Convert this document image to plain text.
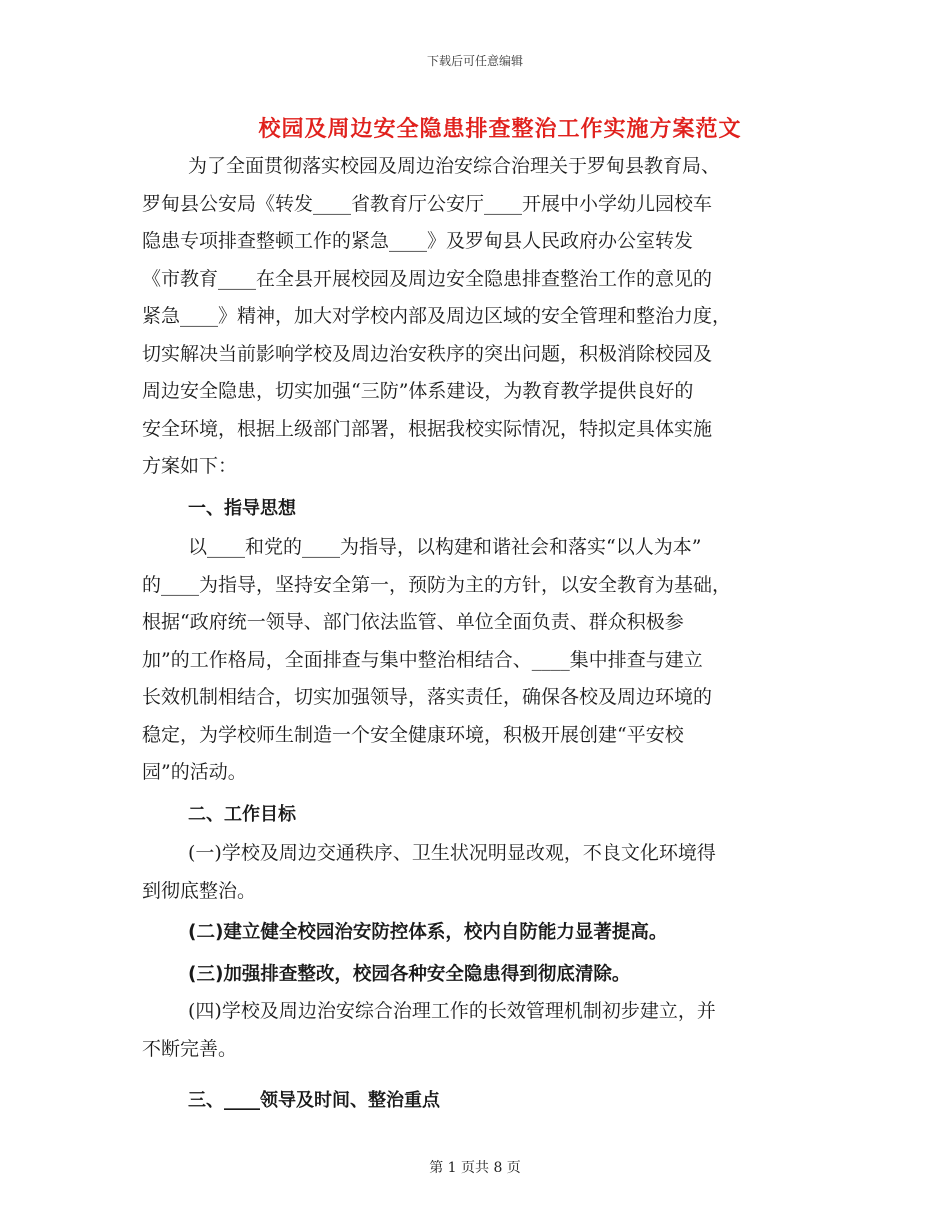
下载后可任意编辑
校园及周边安全隐患排查整治工作实施方案范文
为了全面贯彻落实校园及周边治安综合治理关于罗甸县教育局、
罗甸县公安局《转发____省教育厅公安厅____开展中小学幼儿园校车
隐患专项排查整顿工作的紧急____》及罗甸县人民政府办公室转发
《市教育____在全县开展校园及周边安全隐患排查整治工作的意见的
紧急____》精神，加大对学校内部及周边区域的安全管理和整治力度，
切实解决当前影响学校及周边治安秩序的突出问题，积极消除校园及
周边安全隐患，切实加强“三防”体系建设，为教育教学提供良好的
安全环境，根据上级部门部署，根据我校实际情况，特拟定具体实施
方案如下：
一、指导思想
以____和党的____为指导，以构建和谐社会和落实“以人为本”
的____为指导，坚持安全第一，预防为主的方针，以安全教育为基础，
根据“政府统一领导、部门依法监管、单位全面负责、群众积极参
加”的工作格局，全面排查与集中整治相结合、____集中排查与建立
长效机制相结合，切实加强领导，落实责任，确保各校及周边环境的
稳定，为学校师生制造一个安全健康环境，积极开展创建“平安校
园”的活动。
二、工作目标
(一)学校及周边交通秩序、卫生状况明显改观，不良文化环境得
到彻底整治。
(二)建立健全校园治安防控体系，校内自防能力显著提高。
(三)加强排查整改，校园各种安全隐患得到彻底清除。
(四)学校及周边治安综合治理工作的长效管理机制初步建立，并
不断完善。
三、____领导及时间、整治重点
第 1 页共 8 页
